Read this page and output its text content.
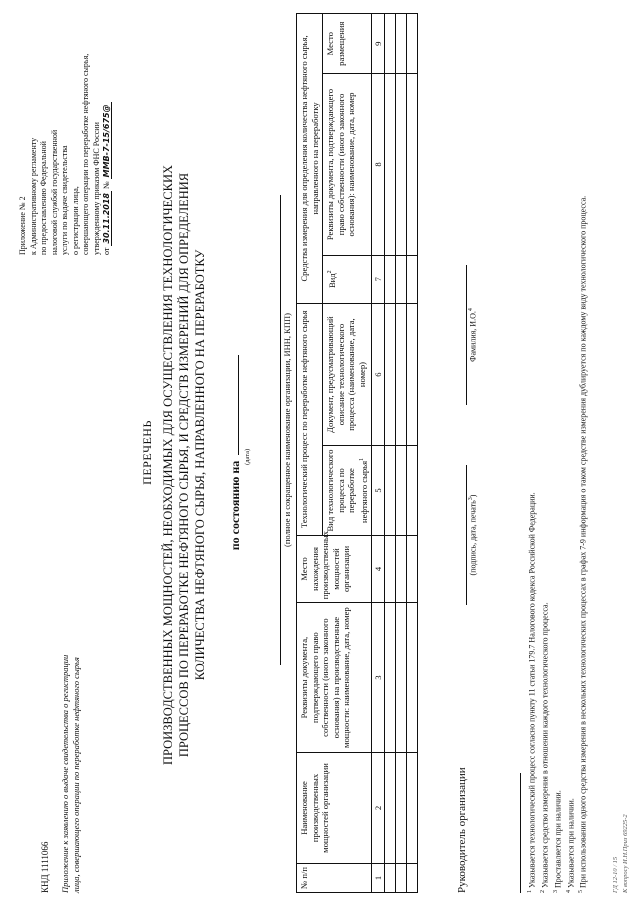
КНД 1111066 Приложение к заявлению о выдаче свидетельства о регистрации лица, совершающего операции по переработке нефтяного сырья
Приложение № 2 к Административному регламенту по предоставлению Федеральной налоговой службой государственной услуги по выдаче свидетельства о регистрации лица, совершающего операции по переработке нефтяного сырья, утвержденному приказом ФНС России от 30.11.2018 № ММВ-7-15/675@
ПЕРЕЧЕНЬ ПРОИЗВОДСТВЕННЫХ МОЩНОСТЕЙ, НЕОБХОДИМЫХ ДЛЯ ОСУЩЕСТВЛЕНИЯ ТЕХНОЛОГИЧЕСКИХ ПРОЦЕССОВ ПО ПЕРЕРАБОТКЕ НЕФТЯНОГО СЫРЬЯ, И СРЕДСТВ ИЗМЕРЕНИЙ ДЛЯ ОПРЕДЕЛЕНИЯ КОЛИЧЕСТВА НЕФТЯНОГО СЫРЬЯ, НАПРАВЛЕННОГО НА ПЕРЕРАБОТКУ по состоянию на
(дата)	(полное и сокращенное наименование организации, ИНН, КПП)
№ п/п	Наименование производственных мощностей организации	Реквизиты документа, подтверждающего право собственности (иного законного основания) на производственные мощности: наименование, дата, номер	Место нахождения производственных мощностей организации	Технологический процесс по переработке нефтяного сырья		Средства измерения для определения количества нефтяного сырья, направленного на переработку		
				Вид технологического процесса по переработке нефтяного сырья$^1$	Документ, предусматривающий описание технологического процесса (наименование, дата, номер)	Вид$^2$	Реквизиты документа, подтверждающего право собственности (иного законного основания): наименование, дата, номер	Место размещения
1	2	3	4	5	6	7	8	9

Руководитель организации
(подпись, дата, печать$^3$)
Фамилия, И.О.$^4$
$^1$ Указывается технологический процесс согласно пункту 11 статьи 179.7 Налогового кодекса Российской Федерации.
$^2$ Указывается средство измерения в отношении каждого технологического процесса.
$^3$ Проставляется при наличии.
$^4$ Указывается при наличии.
$^5$ При использовании одного средства измерения в нескольких технологических процессах в графах 7-9 информация о таком средстве измерения дублируется по каждому виду технологического процесса.	ГД 12-10 / 15 К вопросу И.Н.Приз 69225-2
